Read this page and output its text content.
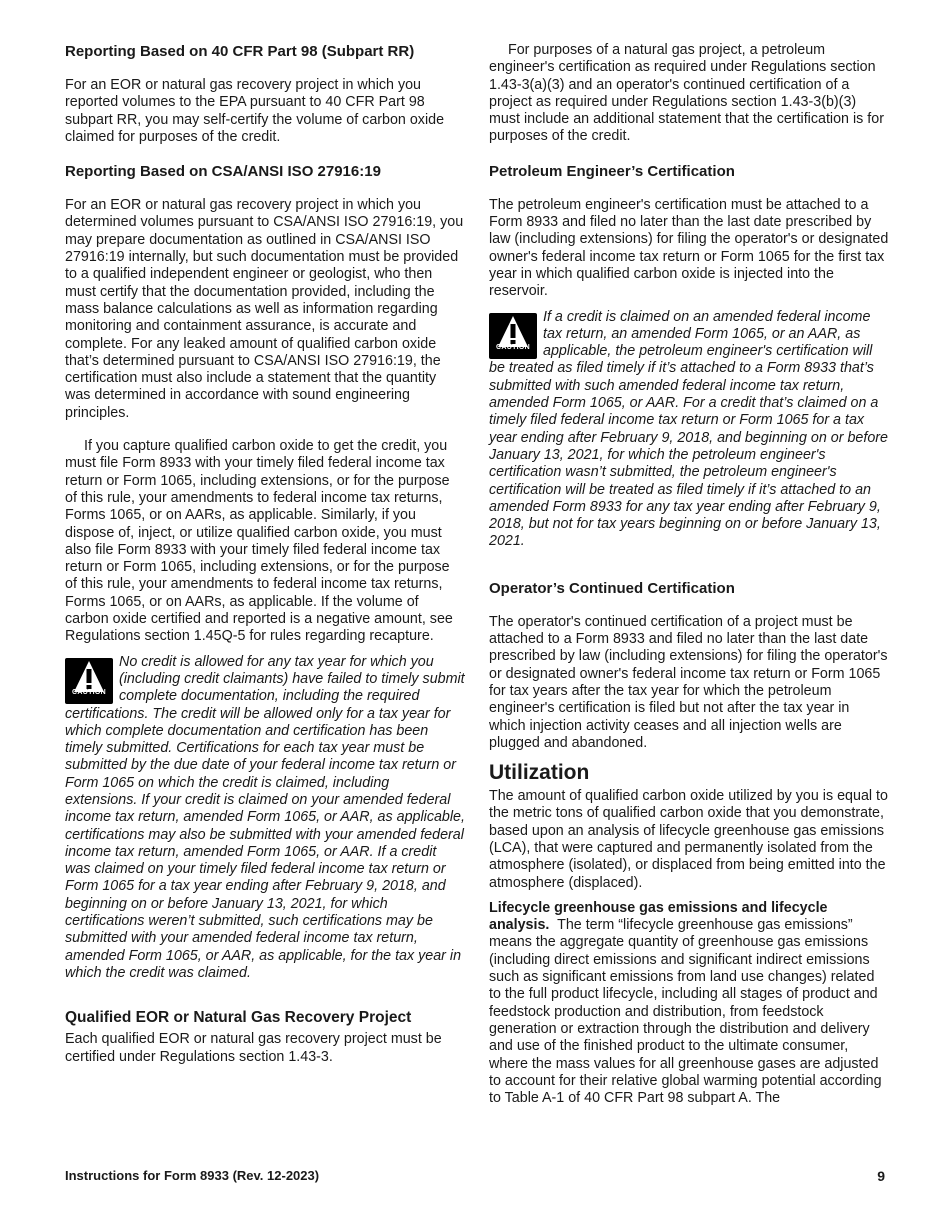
Reporting Based on 40 CFR Part 98 (Subpart RR)

For an EOR or natural gas recovery project in which you reported volumes to the EPA pursuant to 40 CFR Part 98 subpart RR, you may self-certify the volume of carbon oxide claimed for purposes of the credit.

Reporting Based on CSA/ANSI ISO 27916:19

For an EOR or natural gas recovery project in which you determined volumes pursuant to CSA/ANSI ISO 27916:19, you may prepare documentation as outlined in CSA/ANSI ISO 27916:19 internally, but such documentation must be provided to a qualified independent engineer or geologist, who then must certify that the documentation provided, including the mass balance calculations as well as information regarding monitoring and containment assurance, is accurate and complete. For any leaked amount of qualified carbon oxide that’s determined pursuant to CSA/ANSI ISO 27916:19, the certification must also include a statement that the quantity was determined in accordance with sound engineering principles.

If you capture qualified carbon oxide to get the credit, you must file Form 8933 with your timely filed federal income tax return or Form 1065, including extensions, or for the purpose of this rule, your amendments to federal income tax returns, Forms 1065, or on AARs, as applicable. Similarly, if you dispose of, inject, or utilize qualified carbon oxide, you must also file Form 8933 with your timely filed federal income tax return or Form 1065, including extensions, or for the purpose of this rule, your amendments to federal income tax returns, Forms 1065, or on AARs, as applicable. If the volume of carbon oxide certified and reported is a negative amount, see Regulations section 1.45Q-5 for rules regarding recapture.

CAUTION
No credit is allowed for any tax year for which you (including credit claimants) have failed to timely submit complete documentation, including the required certifications. The credit will be allowed only for a tax year for which complete documentation and certification has been timely submitted. Certifications for each tax year must be submitted by the due date of your federal income tax return or Form 1065 on which the credit is claimed, including extensions. If your credit is claimed on your amended federal income tax return, amended Form 1065, or AAR, as applicable, certifications may also be submitted with your amended federal income tax return, amended Form 1065, or AAR. If a credit was claimed on your timely filed federal income tax return or Form 1065 for a tax year ending after February 9, 2018, and beginning on or before January 13, 2021, for which certifications weren’t submitted, such certifications may be submitted with your amended federal income tax return, amended Form 1065, or AAR, as applicable, for the tax year in which the credit was claimed.
Qualified EOR or Natural Gas Recovery Project

Each qualified EOR or natural gas recovery project must be certified under Regulations section 1.43-3.

For purposes of a natural gas project, a petroleum engineer's certification as required under Regulations section 1.43-3(a)(3) and an operator's continued certification of a project as required under Regulations section 1.43-3(b)(3) must include an additional statement that the certification is for purposes of the credit.

Petroleum Engineer’s Certification

The petroleum engineer's certification must be attached to a Form 8933 and filed no later than the last date prescribed by law (including extensions) for filing the operator's or designated owner's federal income tax return or Form 1065 for the first tax year in which qualified carbon oxide is injected into the reservoir.

CAUTION
If a credit is claimed on an amended federal income tax return, an amended Form 1065, or an AAR, as applicable, the petroleum engineer's certification will be treated as filed timely if it’s attached to a Form 8933 that’s submitted with such amended federal income tax return, amended Form 1065, or AAR. For a credit that’s claimed on a timely filed federal income tax return or Form 1065 for a tax year ending after February 9, 2018, and beginning on or before January 13, 2021, for which the petroleum engineer's certification wasn’t submitted, the petroleum engineer's certification will be treated as filed timely if it’s attached to an amended Form 8933 for any tax year ending after February 9, 2018, but not for tax years beginning on or before January 13, 2021.
Operator’s Continued Certification

The operator's continued certification of a project must be attached to a Form 8933 and filed no later than the last date prescribed by law (including extensions) for filing the operator's or designated owner's federal income tax return or Form 1065 for tax years after the tax year for which the petroleum engineer's certification is filed but not after the tax year in which injection activity ceases and all injection wells are plugged and abandoned.

Utilization

The amount of qualified carbon oxide utilized by you is equal to the metric tons of qualified carbon oxide that you demonstrate, based upon an analysis of lifecycle greenhouse gas emissions (LCA), that were captured and permanently isolated from the atmosphere (isolated), or displaced from being emitted into the atmosphere (displaced).

Lifecycle greenhouse gas emissions and lifecycle analysis. The term “lifecycle greenhouse gas emissions” means the aggregate quantity of greenhouse gas emissions (including direct emissions and significant indirect emissions such as significant emissions from land use changes) related to the full product lifecycle, including all stages of product and feedstock production and distribution, from feedstock generation or extraction through the distribution and delivery and use of the finished product to the ultimate consumer, where the mass values for all greenhouse gases are adjusted to account for their relative global warming potential according to Table A-1 of 40 CFR Part 98 subpart A. The

Instructions for Form 8933 (Rev. 12-2023)	9
